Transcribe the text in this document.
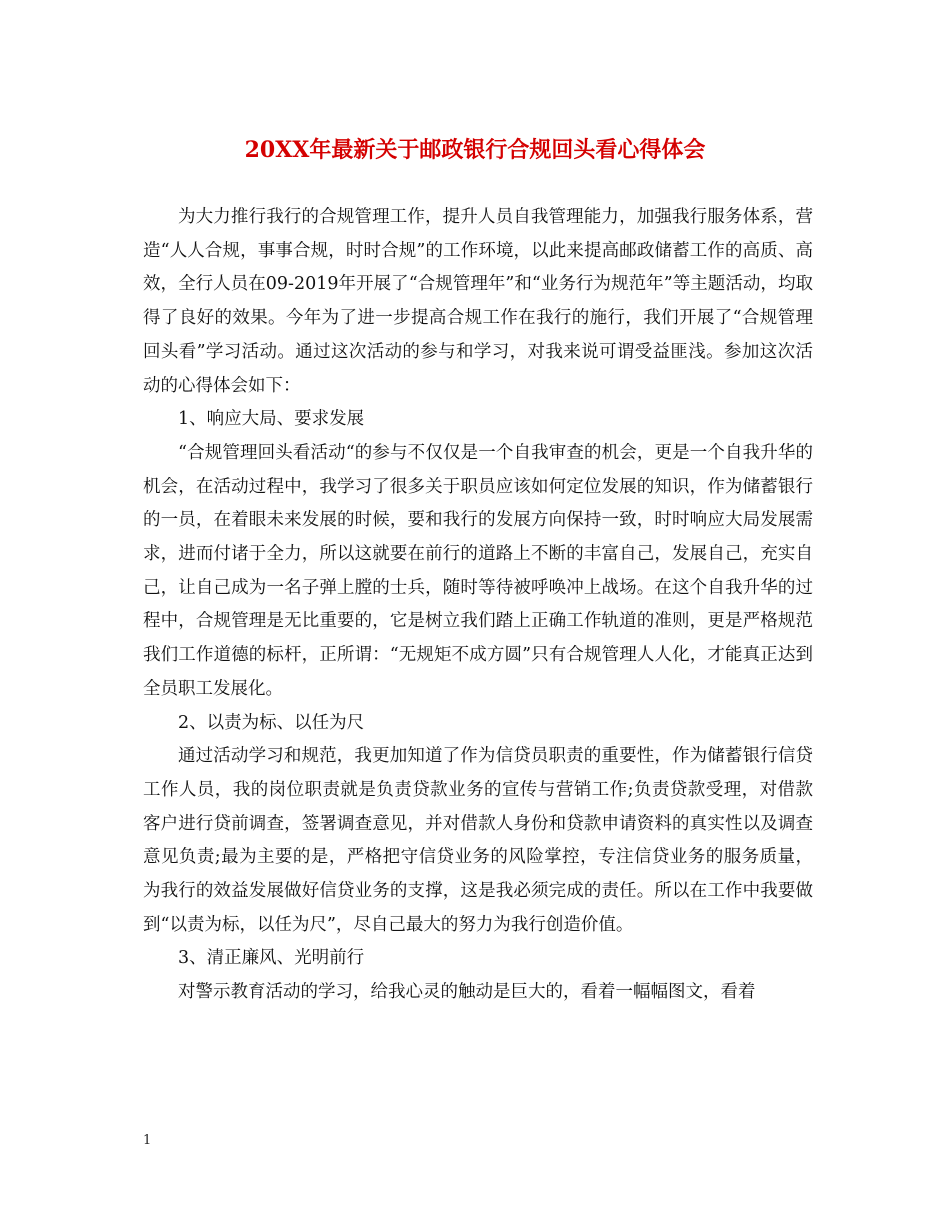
20XX年最新关于邮政银行合规回头看心得体会

为大力推行我行的合规管理工作，提升人员自我管理能力，加强我行服务体系，营造“人人合规，事事合规，时时合规”的工作环境，以此来提高邮政储蓄工作的高质、高效，全行人员在09-2019年开展了“合规管理年”和“业务行为规范年”等主题活动，均取得了良好的效果。今年为了进一步提高合规工作在我行的施行，我们开展了“合规管理回头看”学习活动。通过这次活动的参与和学习，对我来说可谓受益匪浅。参加这次活动的心得体会如下：

1、响应大局、要求发展

“合规管理回头看活动“的参与不仅仅是一个自我审查的机会，更是一个自我升华的机会，在活动过程中，我学习了很多关于职员应该如何定位发展的知识，作为储蓄银行的一员，在着眼未来发展的时候，要和我行的发展方向保持一致，时时响应大局发展需求，进而付诸于全力，所以这就要在前行的道路上不断的丰富自己，发展自己，充实自己，让自己成为一名子弹上膛的士兵，随时等待被呼唤冲上战场。在这个自我升华的过程中，合规管理是无比重要的，它是树立我们踏上正确工作轨道的准则，更是严格规范我们工作道德的标杆，正所谓：“无规矩不成方圆”只有合规管理人人化，才能真正达到全员职工发展化。

2、以责为标、以任为尺

通过活动学习和规范，我更加知道了作为信贷员职责的重要性，作为储蓄银行信贷工作人员，我的岗位职责就是负责贷款业务的宣传与营销工作;负责贷款受理，对借款客户进行贷前调查，签署调查意见，并对借款人身份和贷款申请资料的真实性以及调查意见负责;最为主要的是，严格把守信贷业务的风险掌控，专注信贷业务的服务质量，为我行的效益发展做好信贷业务的支撑，这是我必须完成的责任。所以在工作中我要做到“以责为标，以任为尺”，尽自己最大的努力为我行创造价值。

3、清正廉风、光明前行

对警示教育活动的学习，给我心灵的触动是巨大的，看着一幅幅图文，看着

1
